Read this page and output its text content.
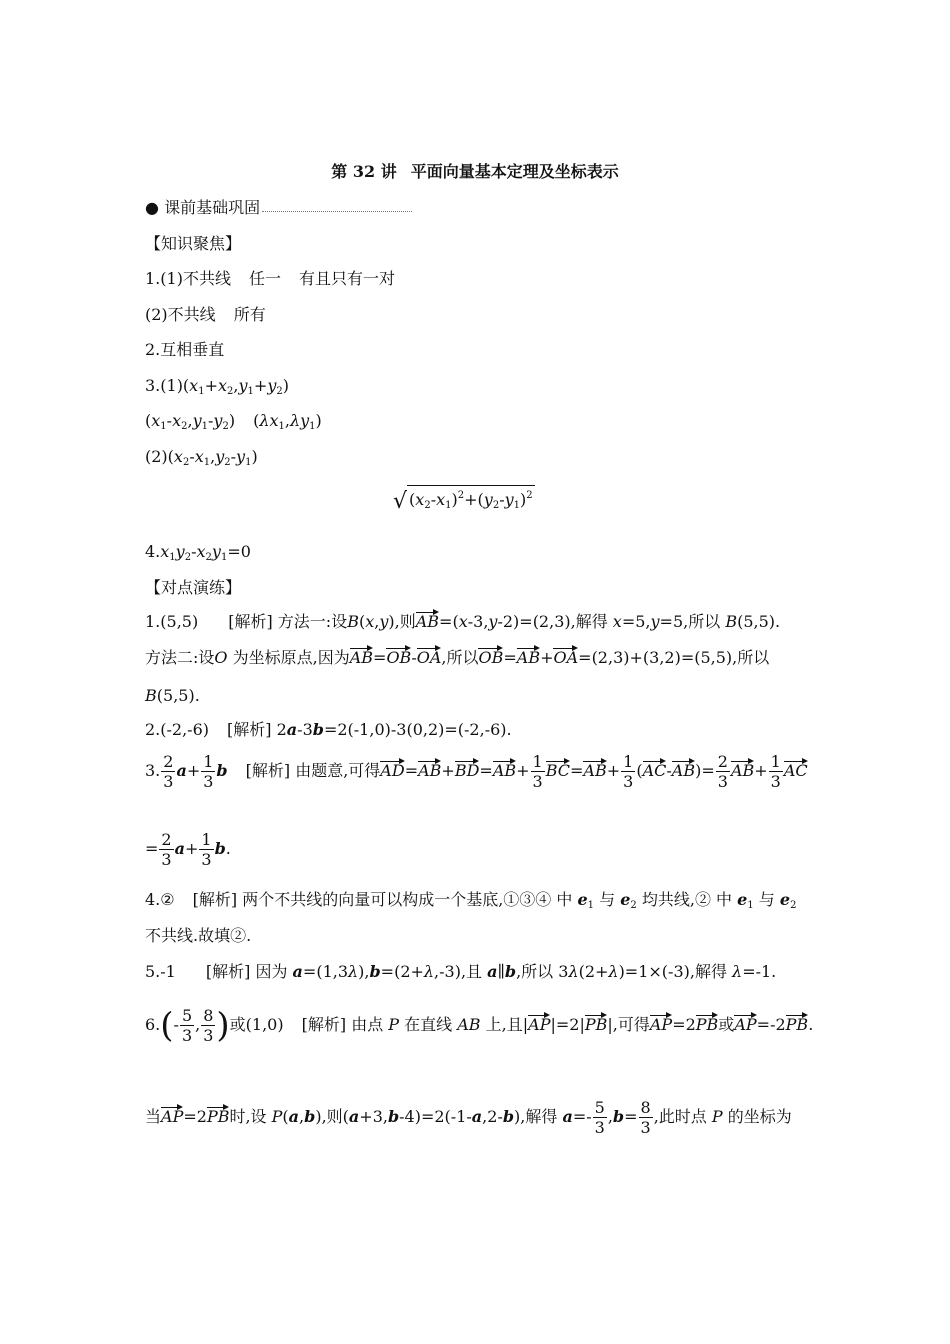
第 32 讲 平面向量基本定理及坐标表示
● 课前基础巩固
【知识聚焦】
1.(1)不共线 任一 有且只有一对
(2)不共线 所有
2.互相垂直
$3.(1)(x_1+x_2,y_1+y_2)$
$(x_1-x_2,y_1-y_2)$ $(\lambda x_1,\lambda y_1)$
$(2)(x_2-x_1,y_2-y_1)$
√ $(x_2-x_1)^2+(y_2-y_1)^2$
$4.x_1y_2-x_2y_1=0$
【对点演练】
1.(5,5) [解析] 方法一:设B(x,y),则AB=(x-3,y-2)=(2,3),解得 x=5,y=5,所以 B(5,5).
方法二:设O 为坐标原点,因为AB=OB-OA,所以OB=AB+OA=(2,3)+(3,2)=(5,5),所以
B(5,5).
2.(-2,-6) [解析] 2a-3b=2(-1,0)-3(0,2)=(-2,-6).
3. $\frac{2}{3} a+ \frac{1}{3}$ b [解析] 由题意,可得$AD=AB+BD=AB+ \frac{1}{3} BC=AB+ \frac{1}{3} (AC-AB)= \frac{2}{3} AB+ \frac{1}{3}$ AC
= $\frac{2}{3} a+ \frac{1}{3} b$.
4.② [解析] 两个不共线的向量可以构成一个基底,①③④ 中 $e_1$ 与 $e_2$ 均共线,② 中 $e_1$ 与 $e_2$
不共线.故填②.
5.-1 [解析] 因为 a=(1,3λ),b=(2+λ,-3),且 a∥b,所以 3λ(2+λ)=1×(-3),解得 λ=-1.
$6.(- \frac{5}{3}$ , $\frac{8}{3}$ )或(1,0) [解析] 由点 P 在直线 AB 上,且|AP|=2|PB|,可得AP=2PB或AP=-2PB.
当AP=2PB时,设 P(a,b),则(a+3,b-4)=2(-1-a,2-b),解得 $a=- \frac{5}{3} ,b= \frac{8}{3}$ ,此时点 P 的坐标为
